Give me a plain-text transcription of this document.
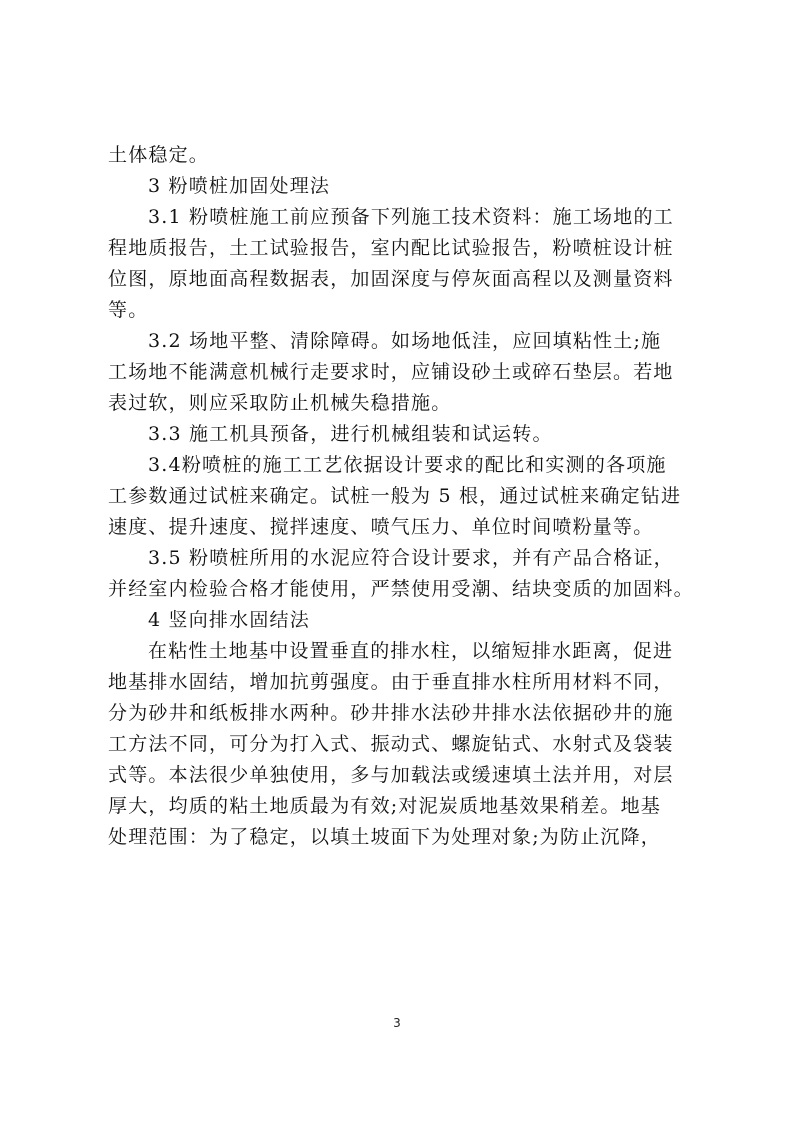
土体稳定。
3 粉喷桩加固处理法
3.1 粉喷桩施工前应预备下列施工技术资料：施工场地的工
程地质报告，土工试验报告，室内配比试验报告，粉喷桩设计桩
位图，原地面高程数据表，加固深度与停灰面高程以及测量资料
等。
3.2 场地平整、清除障碍。如场地低洼，应回填粘性土;施
工场地不能满意机械行走要求时，应铺设砂土或碎石垫层。若地
表过软，则应采取防止机械失稳措施。
3.3 施工机具预备，进行机械组装和试运转。
3.4粉喷桩的施工工艺依据设计要求的配比和实测的各项施
工参数通过试桩来确定。试桩一般为 5 根，通过试桩来确定钻进
速度、提升速度、搅拌速度、喷气压力、单位时间喷粉量等。
3.5 粉喷桩所用的水泥应符合设计要求，并有产品合格证，
并经室内检验合格才能使用，严禁使用受潮、结块变质的加固料。
4 竖向排水固结法
在粘性土地基中设置垂直的排水柱，以缩短排水距离，促进
地基排水固结，增加抗剪强度。由于垂直排水柱所用材料不同，
分为砂井和纸板排水两种。砂井排水法砂井排水法依据砂井的施
工方法不同，可分为打入式、振动式、螺旋钻式、水射式及袋装
式等。本法很少单独使用，多与加载法或缓速填土法并用，对层
厚大，均质的粘土地质最为有效;对泥炭质地基效果稍差。地基
处理范围：为了稳定，以填土坡面下为处理对象;为防止沉降，
3
